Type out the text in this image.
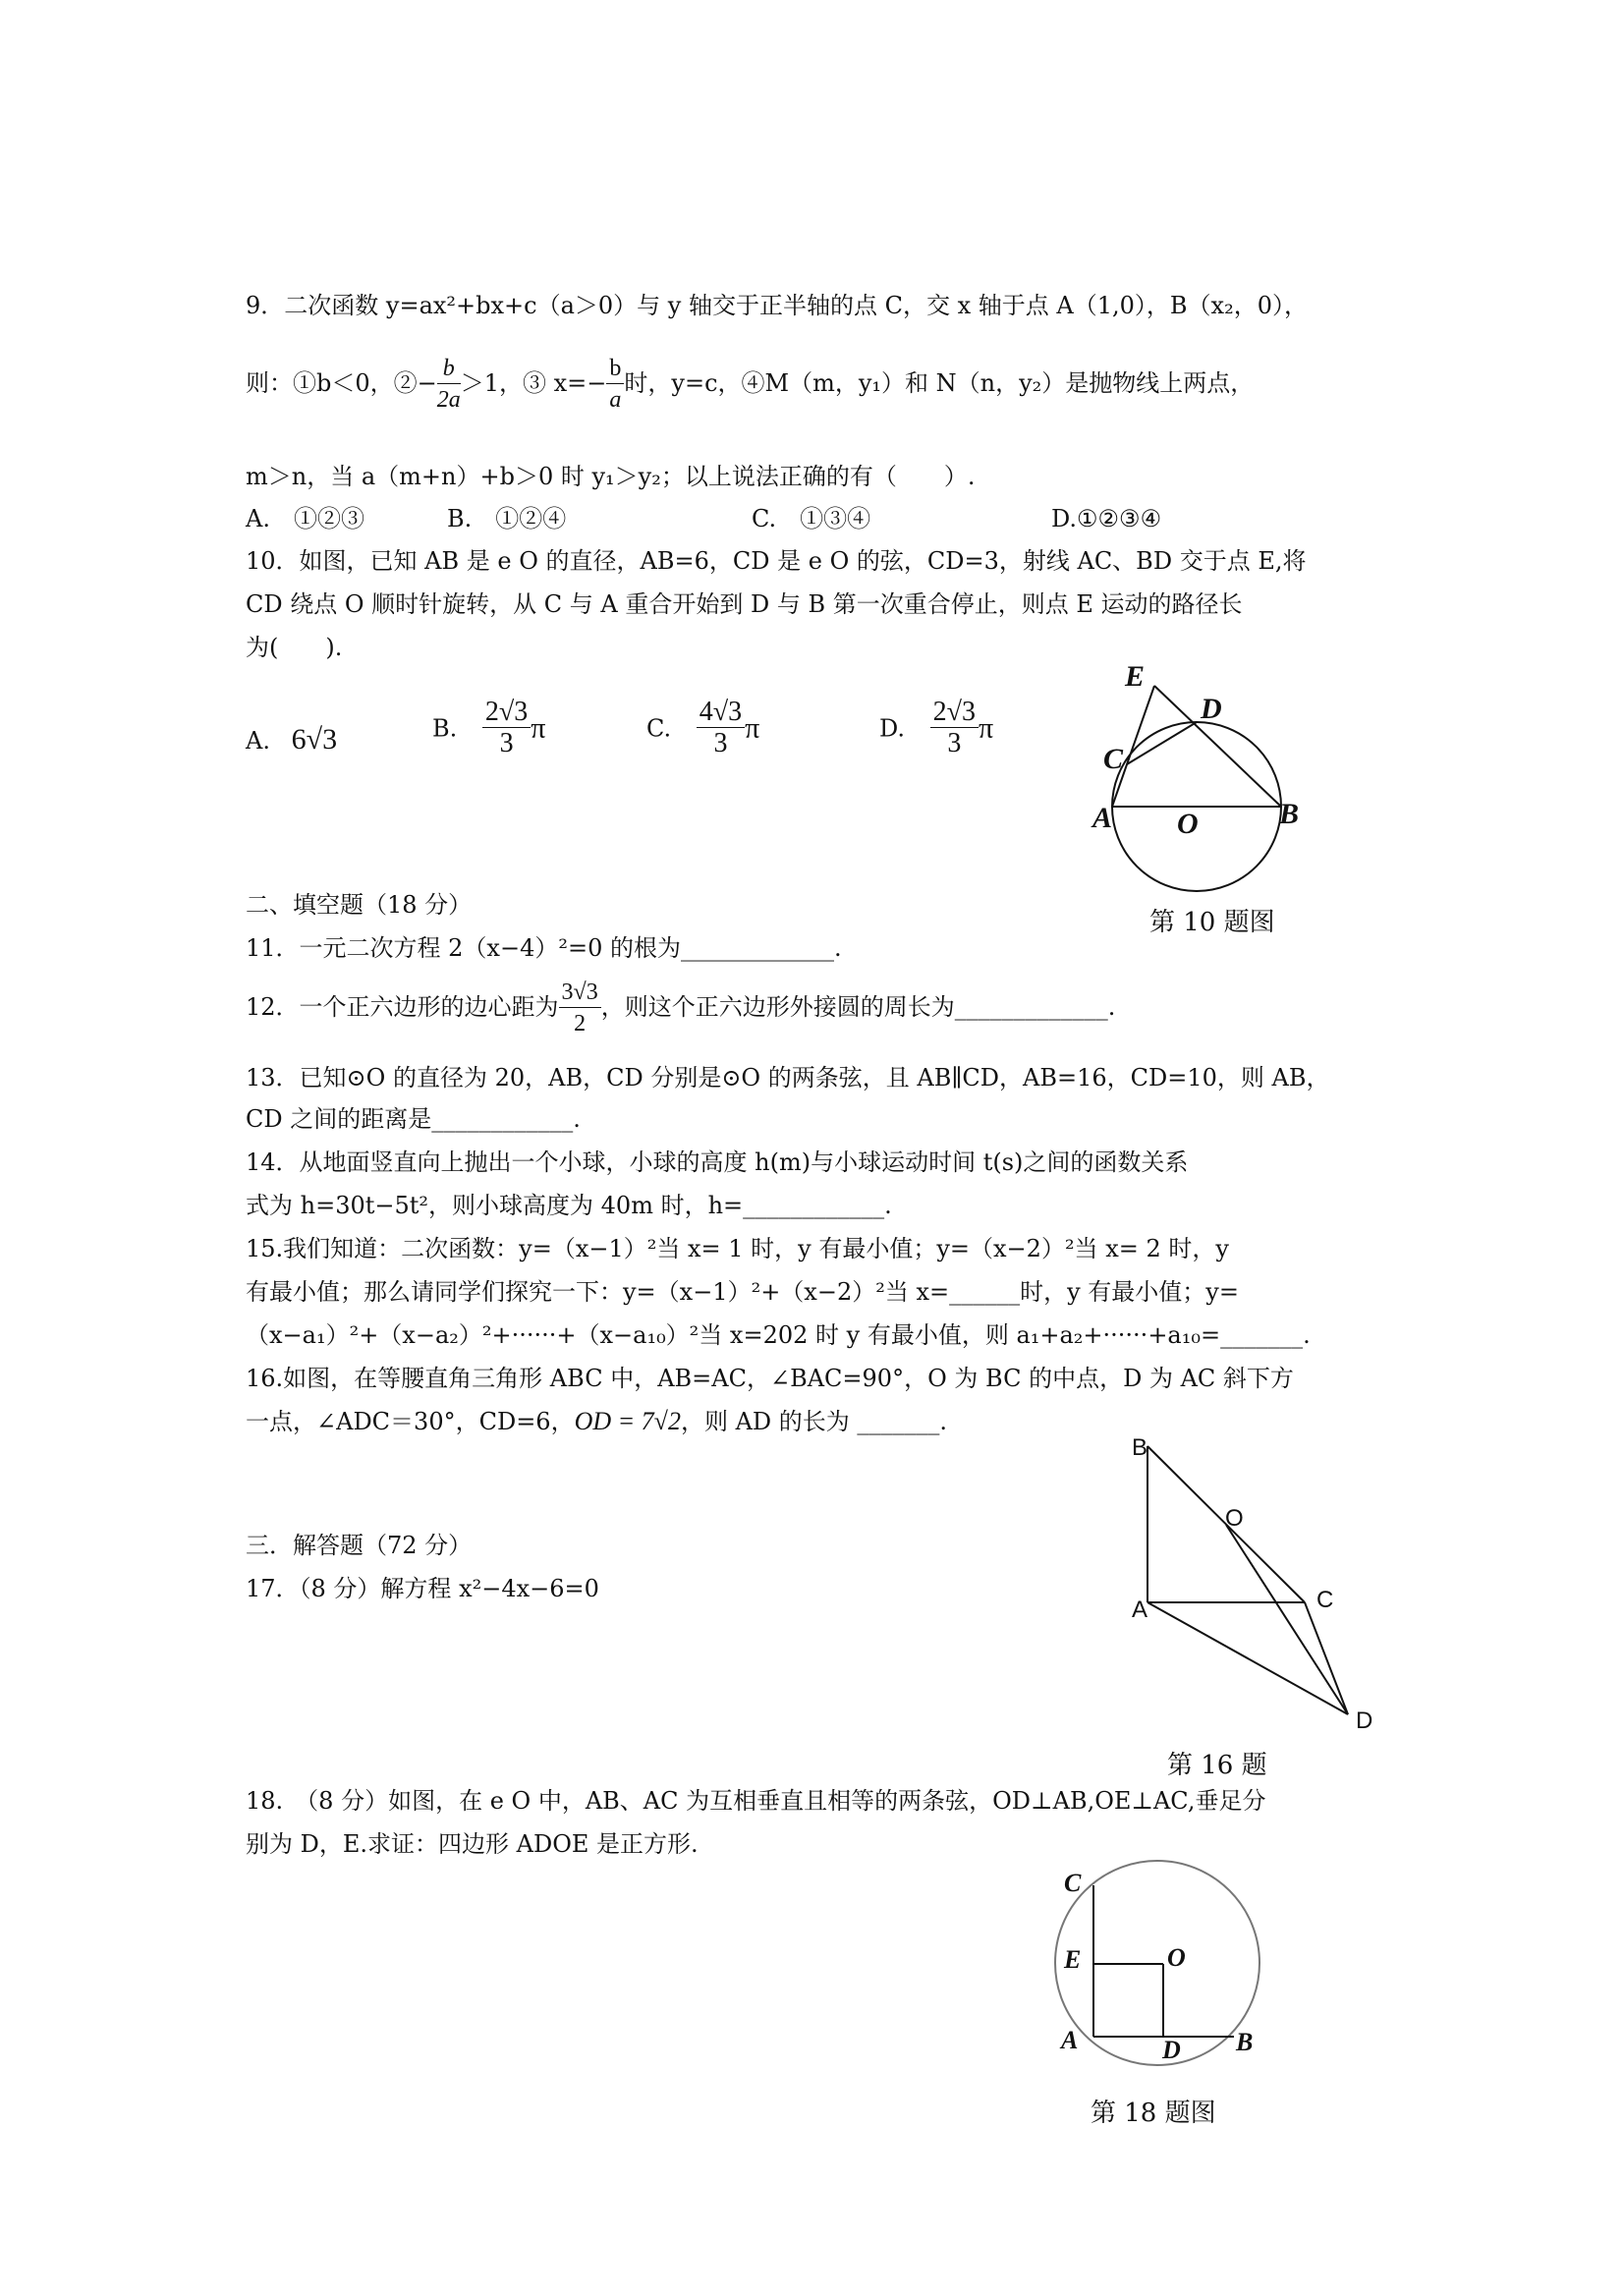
9．二次函数 y=ax²+bx+c（a＞0）与 y 轴交于正半轴的点 C，交 x 轴于点 A（1,0），B（x₂，0），
则：①b＜0，②− $\frac{b}{2a} >1$，③ $x=- \frac{b}{a}$ 时，y=c，④M（m，y₁）和 N（n，y₂）是抛物线上两点，
m＞n，当 a（m+n）+b＞0 时 y₁＞y₂；以上说法正确的有（　　）.
A.　①②③	B.　①②④	C.　①③④	D.①②③④
10．如图，已知 AB 是 e O 的直径，AB=6，CD 是 e O 的弦，CD=3，射线 AC、BD 交于点 E,将
CD 绕点 O 顺时针旋转，从 C 与 A 重合开始到 D 与 B 第一次重合停止，则点 E 运动的路径长
为(　　).
A. 6√3	B. $\frac{2√3}{3}$ π	C. $\frac{4√3}{3}$ π	D. $\frac{2√3}{3}$ π
E
D
C
A O	B
第 10 题图
二、填空题（18 分）
11．一元二次方程 2（x−4）²=0 的根为_____________.
12．一个正六边形的边心距为 $\frac{3√3}{2}$ ，则这个正六边形外接圆的周长为_____________.
13．已知⊙O 的直径为 20，AB，CD 分别是⊙O 的两条弦，且 AB∥CD，AB=16，CD=10，则 AB，
CD 之间的距离是____________.
14．从地面竖直向上抛出一个小球，小球的高度 h(m)与小球运动时间 t(s)之间的函数关系
式为 h=30t−5t²，则小球高度为 40m 时，h=____________.
15.我们知道：二次函数：y=（x−1）²当 x= 1 时，y 有最小值；y=（x−2）²当 x= 2 时，y
有最小值；那么请同学们探究一下：y=（x−1）²+（x−2）²当 x=______时，y 有最小值；y=
（x−a₁）²+（x−a₂）²+······+（x−a₁₀）²当 x=202 时 y 有最小值，则 a₁+a₂+······+a₁₀=_______.
16.如图，在等腰直角三角形 ABC 中，AB=AC，∠BAC=90°，O 为 BC 的中点，D 为 AC 斜下方
一点，∠ADC＝30°，CD=6，OD = 7√2，则 AD 的长为 _______.
B
O
A	C
D
第 16 题
三．解答题（72 分）
17．（8 分）解方程 x²−4x−6=0
18.　（8 分）如图，在 e O 中，AB、AC 为互相垂直且相等的两条弦，OD⊥AB,OE⊥AC,垂足分
别为 D，E.求证：四边形 ADOE 是正方形.
C
E	O
A	D B
第 18 题图
